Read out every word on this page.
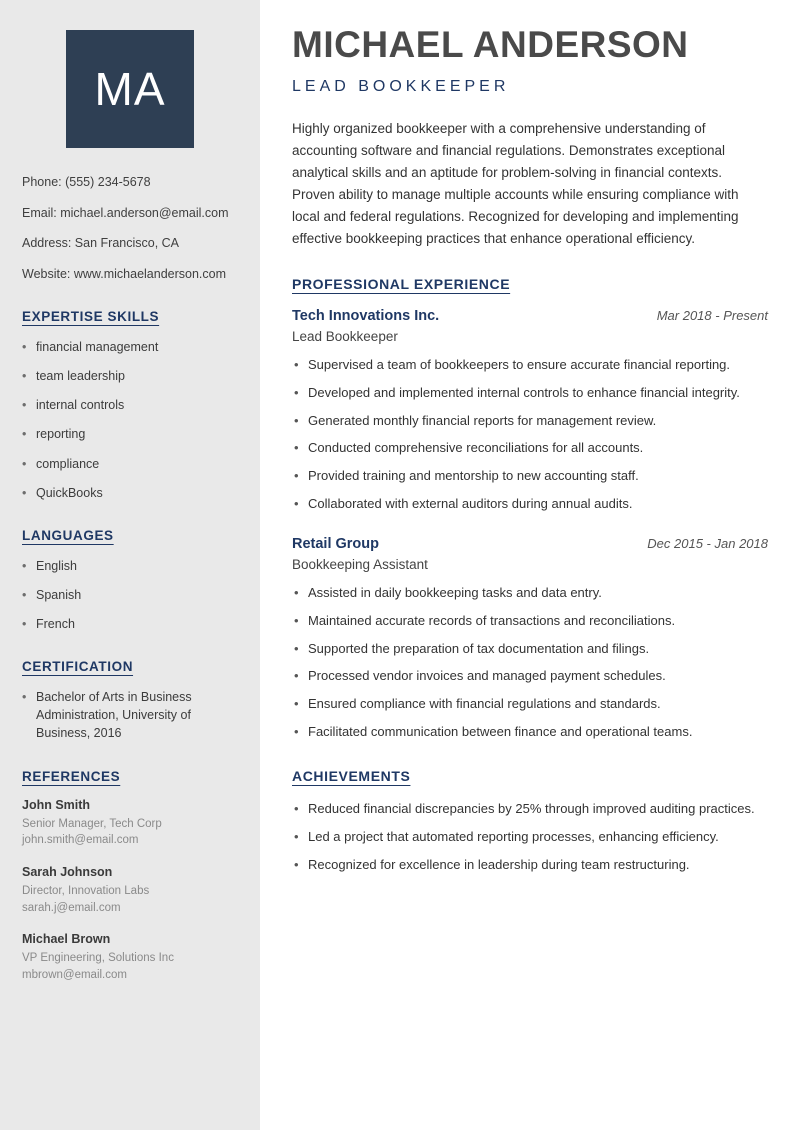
MA
Phone: (555) 234-5678
Email: michael.anderson@email.com
Address: San Francisco, CA
Website: www.michaelanderson.com
EXPERTISE SKILLS
• financial management
• team leadership
• internal controls
• reporting
• compliance
• QuickBooks
LANGUAGES
• English
• Spanish
• French
CERTIFICATION
• Bachelor of Arts in Business Administration, University of Business, 2016
REFERENCES
John Smith
Senior Manager, Tech Corp
john.smith@email.com
Sarah Johnson
Director, Innovation Labs
sarah.j@email.com
Michael Brown
VP Engineering, Solutions Inc
mbrown@email.com
MICHAEL ANDERSON
LEAD BOOKKEEPER

Highly organized bookkeeper with a comprehensive understanding of accounting software and financial regulations. Demonstrates exceptional analytical skills and an aptitude for problem-solving in financial contexts. Proven ability to manage multiple accounts while ensuring compliance with local and federal regulations. Recognized for developing and implementing effective bookkeeping practices that enhance operational efficiency.

PROFESSIONAL EXPERIENCE
Tech Innovations Inc.	Mar 2018 - Present
Lead Bookkeeper
• Supervised a team of bookkeepers to ensure accurate financial reporting.
• Developed and implemented internal controls to enhance financial integrity.
• Generated monthly financial reports for management review.
• Conducted comprehensive reconciliations for all accounts.
• Provided training and mentorship to new accounting staff.
• Collaborated with external auditors during annual audits.
Retail Group	Dec 2015 - Jan 2018
Bookkeeping Assistant
• Assisted in daily bookkeeping tasks and data entry.
• Maintained accurate records of transactions and reconciliations.
• Supported the preparation of tax documentation and filings.
• Processed vendor invoices and managed payment schedules.
• Ensured compliance with financial regulations and standards.
• Facilitated communication between finance and operational teams.
ACHIEVEMENTS
• Reduced financial discrepancies by 25% through improved auditing practices.
• Led a project that automated reporting processes, enhancing efficiency.
• Recognized for excellence in leadership during team restructuring.
